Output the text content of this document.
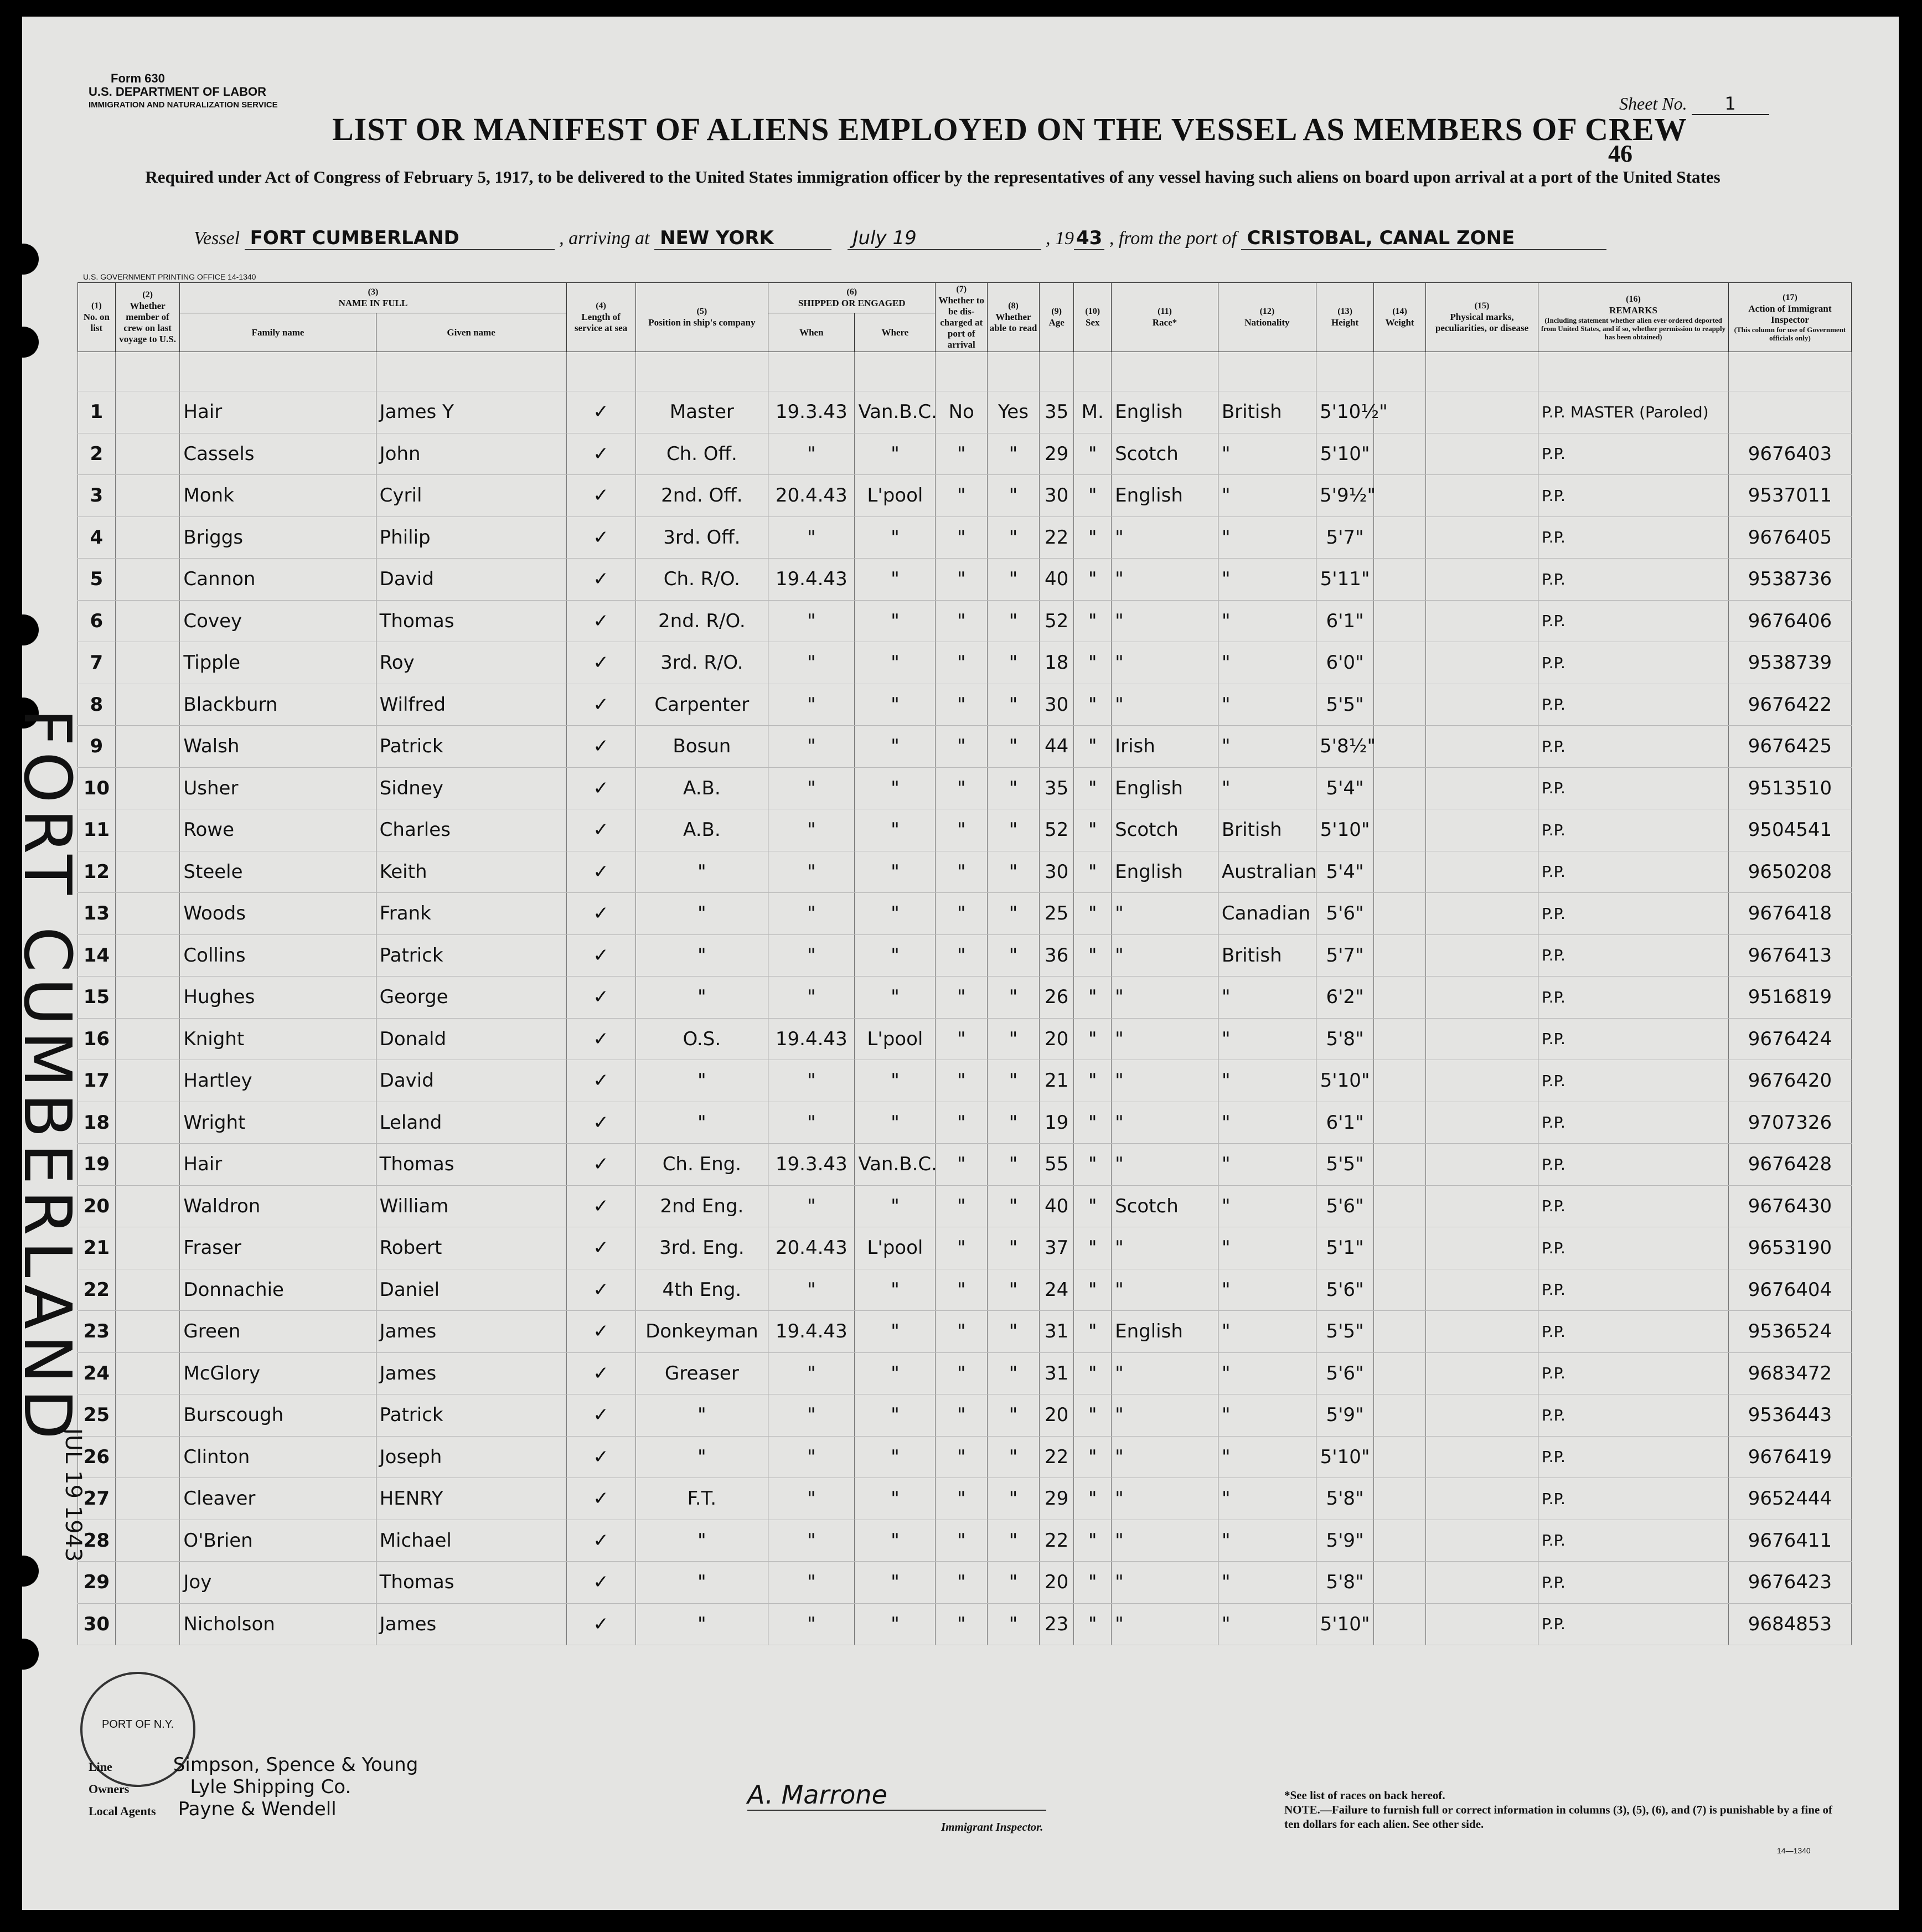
Form 630
U.S. DEPARTMENT OF LABOR
IMMIGRATION AND NATURALIZATION SERVICE
LIST OR MANIFEST OF ALIENS EMPLOYED ON THE VESSEL AS MEMBERS OF CREW
Sheet No. 1
46
Required under Act of Congress of February 5, 1917, to be delivered to the United States immigration officer by the representatives of any vessel having such aliens on board upon arrival at a port of the United States
Vessel FORT CUMBERLAND	, arriving at NEW YORK	July 19	, 19 43 , from the port of CRISTOBAL, CANAL ZONE
U.S. GOVERNMENT PRINTING OFFICE 14-1340
(1)
No. on list	(2)
Whether member of crew on last voyage to U.S.	(3)
NAME IN FULL		(4)
Length of service at sea	(5)
Position in ship's company	(6)
SHIPPED OR ENGAGED		(7)
Whether to be dis-charged at port of arrival	(8)
Whether able to read	(9)
Age	(10)
Sex	(11)
Race*	(12)
Nationality	(13)
Height	(14)
Weight	(15)
Physical marks, peculiarities, or disease	(16)
REMARKS
(Including statement whether alien ever ordered deported from United States, and if so, whether permission to reapply has been obtained)	(17)
Action of Immigrant Inspector
(This column for use of Government officials only)

		Family name	Given name			When	Where											

1		Hair	James Y	✓	Master	19.3.43	Van.B.C.	No	Yes	35	M.	English	British	5'10½"			P.P. MASTER (Paroled)	
2		Cassels	John	✓	Ch. Off.	"	"	"	"	29	"	Scotch	"	5'10"			P.P.	9676403
3		Monk	Cyril	✓	2nd. Off.	20.4.43	L'pool	"	"	30	"	English	"	5'9½"			P.P.	9537011
4		Briggs	Philip	✓	3rd. Off.	"	"	"	"	22	"	"	"	5'7"			P.P.	9676405
5		Cannon	David	✓	Ch. R/O.	19.4.43	"	"	"	40	"	"	"	5'11"			P.P.	9538736
6		Covey	Thomas	✓	2nd. R/O.	"	"	"	"	52	"	"	"	6'1"			P.P.	9676406
7		Tipple	Roy	✓	3rd. R/O.	"	"	"	"	18	"	"	"	6'0"			P.P.	9538739
8		Blackburn	Wilfred	✓	Carpenter	"	"	"	"	30	"	"	"	5'5"			P.P.	9676422
9		Walsh	Patrick	✓	Bosun	"	"	"	"	44	"	Irish	"	5'8½"			P.P.	9676425
10		Usher	Sidney	✓	A.B.	"	"	"	"	35	"	English	"	5'4"			P.P.	9513510
11		Rowe	Charles	✓	A.B.	"	"	"	"	52	"	Scotch	British	5'10"			P.P.	9504541
12		Steele	Keith	✓	"	"	"	"	"	30	"	English	Australian	5'4"			P.P.	9650208
13		Woods	Frank	✓	"	"	"	"	"	25	"	"	Canadian	5'6"			P.P.	9676418
14		Collins	Patrick	✓	"	"	"	"	"	36	"	"	British	5'7"			P.P.	9676413
15		Hughes	George	✓	"	"	"	"	"	26	"	"	"	6'2"			P.P.	9516819
16		Knight	Donald	✓	O.S.	19.4.43	L'pool	"	"	20	"	"	"	5'8"			P.P.	9676424
17		Hartley	David	✓	"	"	"	"	"	21	"	"	"	5'10"			P.P.	9676420
18		Wright	Leland	✓	"	"	"	"	"	19	"	"	"	6'1"			P.P.	9707326
19		Hair	Thomas	✓	Ch. Eng.	19.3.43	Van.B.C.	"	"	55	"	"	"	5'5"			P.P.	9676428
20		Waldron	William	✓	2nd Eng.	"	"	"	"	40	"	Scotch	"	5'6"			P.P.	9676430
21		Fraser	Robert	✓	3rd. Eng.	20.4.43	L'pool	"	"	37	"	"	"	5'1"			P.P.	9653190
22		Donnachie	Daniel	✓	4th Eng.	"	"	"	"	24	"	"	"	5'6"			P.P.	9676404
23		Green	James	✓	Donkeyman	19.4.43	"	"	"	31	"	English	"	5'5"			P.P.	9536524
24		McGlory	James	✓	Greaser	"	"	"	"	31	"	"	"	5'6"			P.P.	9683472
25		Burscough	Patrick	✓	"	"	"	"	"	20	"	"	"	5'9"			P.P.	9536443
26		Clinton	Joseph	✓	"	"	"	"	"	22	"	"	"	5'10"			P.P.	9676419
27		Cleaver	HENRY	✓	F.T.	"	"	"	"	29	"	"	"	5'8"			P.P.	9652444
28		O'Brien	Michael	✓	"	"	"	"	"	22	"	"	"	5'9"			P.P.	9676411
29		Joy	Thomas	✓	"	"	"	"	"	20	"	"	"	5'8"			P.P.	9676423
30		Nicholson	James	✓	"	"	"	"	"	23	"	"	"	5'10"			P.P.	9684853
FORT CUMBERLAND
JUL 19 1943
PORT OF N.Y.
Line	Simpson, Spence & Young
Owners	Lyle Shipping Co.
Local Agents Payne & Wendell	A. Marrone
Immigrant Inspector.
*See list of races on back hereof.
NOTE.—Failure to furnish full or correct information in columns (3), (5), (6), and (7) is punishable by a fine of ten dollars for each alien. See other side.
14—1340
